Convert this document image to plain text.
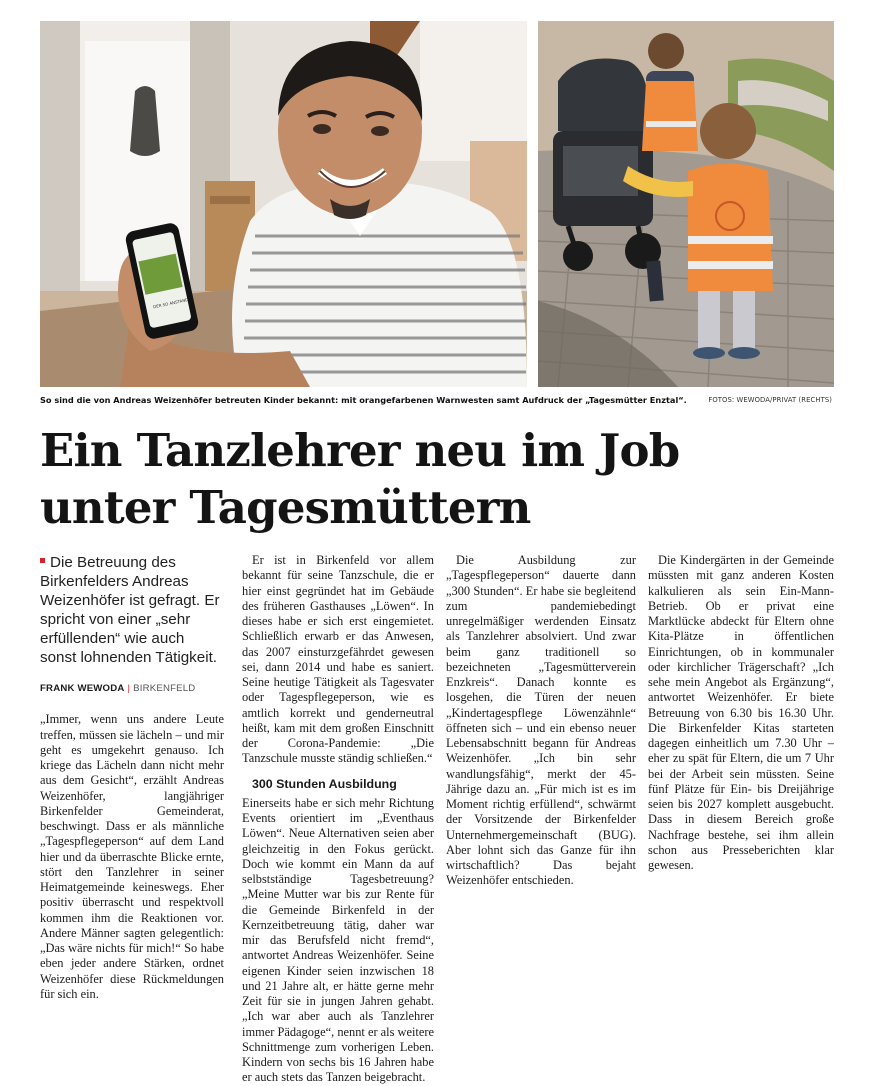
DER SO ANSTAND
So sind die von Andreas Weizenhöfer betreuten Kinder bekannt: mit orangefarbenen Warnwesten samt Aufdruck der „Tagesmütter Enztal“.	FOTOS: WEWODA/PRIVAT (RECHTS)
Ein Tanzlehrer neu im Job
unter Tagesmüttern
Die Betreuung des Birkenfelders Andreas Weizenhöfer ist gefragt. Er spricht von einer „sehr erfüllenden“ wie auch sonst lohnenden Tätigkeit.
FRANK WEWODA | BIRKENFELD

„Immer, wenn uns andere Leute treffen, müssen sie lächeln – und mir geht es umgekehrt genauso. Ich kriege das Lächeln dann nicht mehr aus dem Gesicht“, erzählt Andreas Weizenhöfer, langjähriger Birkenfelder Gemeinderat, beschwingt. Dass er als männliche „Tagespflegeperson“ auf dem Land hier und da überraschte Blicke ernte, stört den Tanzlehrer in seiner Heimatgemeinde keineswegs. Eher positiv überrascht und respektvoll kommen ihm die Reaktionen vor. Andere Männer sagten gelegentlich: „Das wäre nichts für mich!“ So habe eben jeder andere Stärken, ordnet Weizenhöfer diese Rückmeldungen für sich ein.

Er ist in Birkenfeld vor allem bekannt für seine Tanzschule, die er hier einst gegründet hat im Gebäude des früheren Gasthauses „Löwen“. In dieses habe er sich erst eingemietet. Schließlich erwarb er das Anwesen, das 2007 einsturzgefährdet gewesen sei, dann 2014 und habe es saniert. Seine heutige Tätigkeit als Tagesvater oder Tagespflegeperson, wie es amtlich korrekt und genderneutral heißt, kam mit dem großen Einschnitt der Corona-Pandemie: „Die Tanzschule musste ständig schließen.“

300 Stunden Ausbildung

Einerseits habe er sich mehr Richtung Events orientiert im „Eventhaus Löwen“. Neue Alternativen seien aber gleichzeitig in den Fokus gerückt. Doch wie kommt ein Mann da auf selbstständige Tagesbetreuung? „Meine Mutter war bis zur Rente für die Gemeinde Birkenfeld in der Kernzeitbetreuung tätig, daher war mir das Berufsfeld nicht fremd“, antwortet Andreas Weizenhöfer. Seine eigenen Kinder seien inzwischen 18 und 21 Jahre alt, er hätte gerne mehr Zeit für sie in jungen Jahren gehabt. „Ich war aber auch als Tanzlehrer immer Pädagoge“, nennt er als weitere Schnittmenge zum vorherigen Leben. Kindern von sechs bis 16 Jahren habe er auch stets das Tanzen beigebracht.

Die Ausbildung zur „Tagespflegeperson“ dauerte dann „300 Stunden“. Er habe sie begleitend zum pandemiebedingt unregelmäßiger werdenden Einsatz als Tanzlehrer absolviert. Und zwar beim ganz traditionell so bezeichneten „Tagesmütterverein Enzkreis“. Danach konnte es losgehen, die Türen der neuen „Kindertagespflege Löwenzähnle“ öffneten sich – und ein ebenso neuer Lebensabschnitt begann für Andreas Weizenhöfer. „Ich bin sehr wandlungsfähig“, merkt der 45-Jährige dazu an. „Für mich ist es im Moment richtig erfüllend“, schwärmt der Vorsitzende der Birkenfelder Unternehmergemeinschaft (BUG). Aber lohnt sich das Ganze für ihn wirtschaftlich? Das bejaht Weizenhöfer entschieden.

Die Kindergärten in der Gemeinde müssten mit ganz anderen Kosten kalkulieren als sein Ein-Mann-Betrieb. Ob er privat eine Marktlücke abdeckt für Eltern ohne Kita-Plätze in öffentlichen Einrichtungen, ob in kommunaler oder kirchlicher Trägerschaft? „Ich sehe mein Angebot als Ergänzung“, antwortet Weizenhöfer. Er biete Betreuung von 6.30 bis 16.30 Uhr. Die Birkenfelder Kitas starteten dagegen einheitlich um 7.30 Uhr – eher zu spät für Eltern, die um 7 Uhr bei der Arbeit sein müssten. Seine fünf Plätze für Ein- bis Dreijährige seien bis 2027 komplett ausgebucht. Dass in diesem Bereich große Nachfrage bestehe, sei ihm allein schon aus Presseberichten klar gewesen.
